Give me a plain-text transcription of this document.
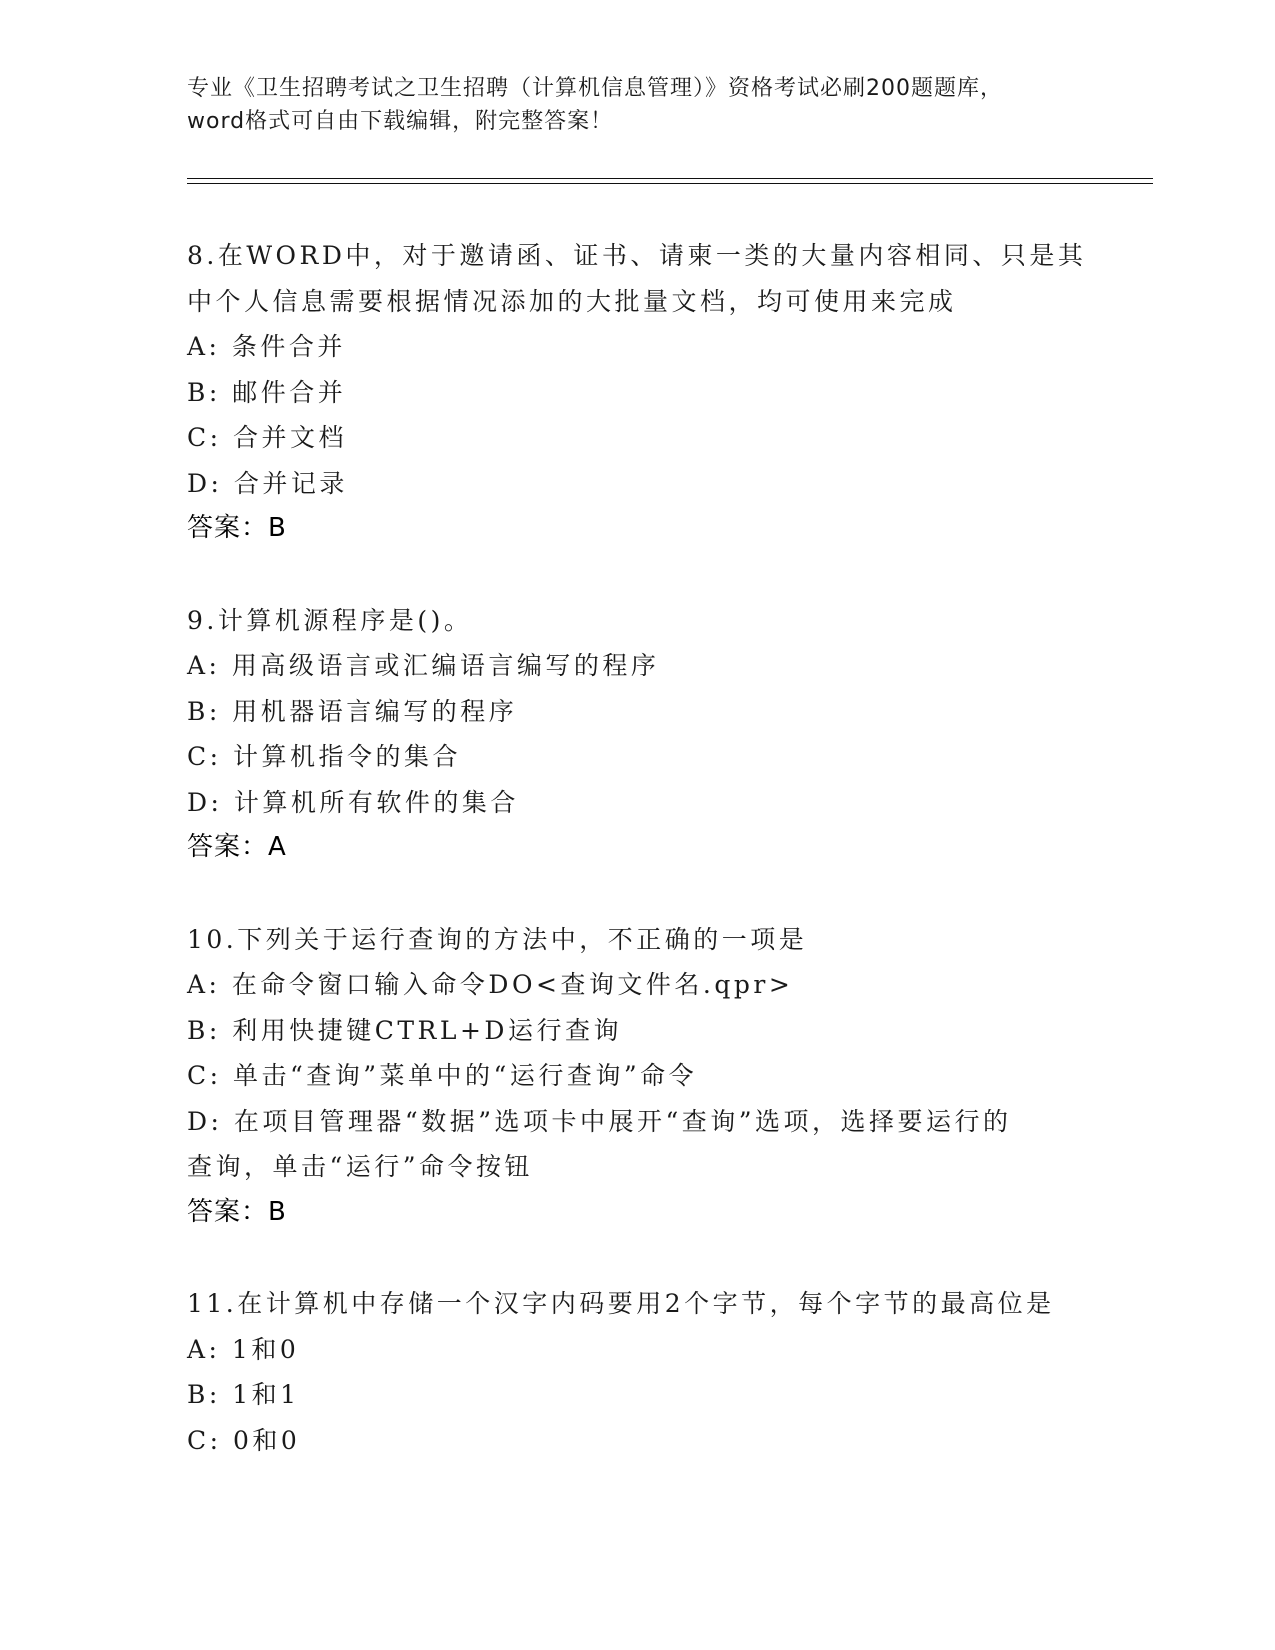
专业《卫生招聘考试之卫生招聘（计算机信息管理）》资格考试必刷200题题库，

word格式可自由下载编辑，附完整答案！

8.在WORD中，对于邀请函、证书、请柬一类的大量内容相同、只是其
中个人信息需要根据情况添加的大批量文档，均可使用来完成
A: 条件合并
B: 邮件合并
C: 合并文档
D: 合并记录
答案：B
9.计算机源程序是()。
A: 用高级语言或汇编语言编写的程序
B: 用机器语言编写的程序
C: 计算机指令的集合
D: 计算机所有软件的集合
答案：A
10.下列关于运行查询的方法中，不正确的一项是
A: 在命令窗口输入命令DO<查询文件名.qpr>
B: 利用快捷键CTRL+D运行查询
C: 单击“查询”菜单中的“运行查询”命令
D: 在项目管理器“数据”选项卡中展开“查询”选项，选择要运行的
查询，单击“运行”命令按钮
答案：B
11.在计算机中存储一个汉字内码要用2个字节，每个字节的最高位是
A: 1和0
B: 1和1
C: 0和0
